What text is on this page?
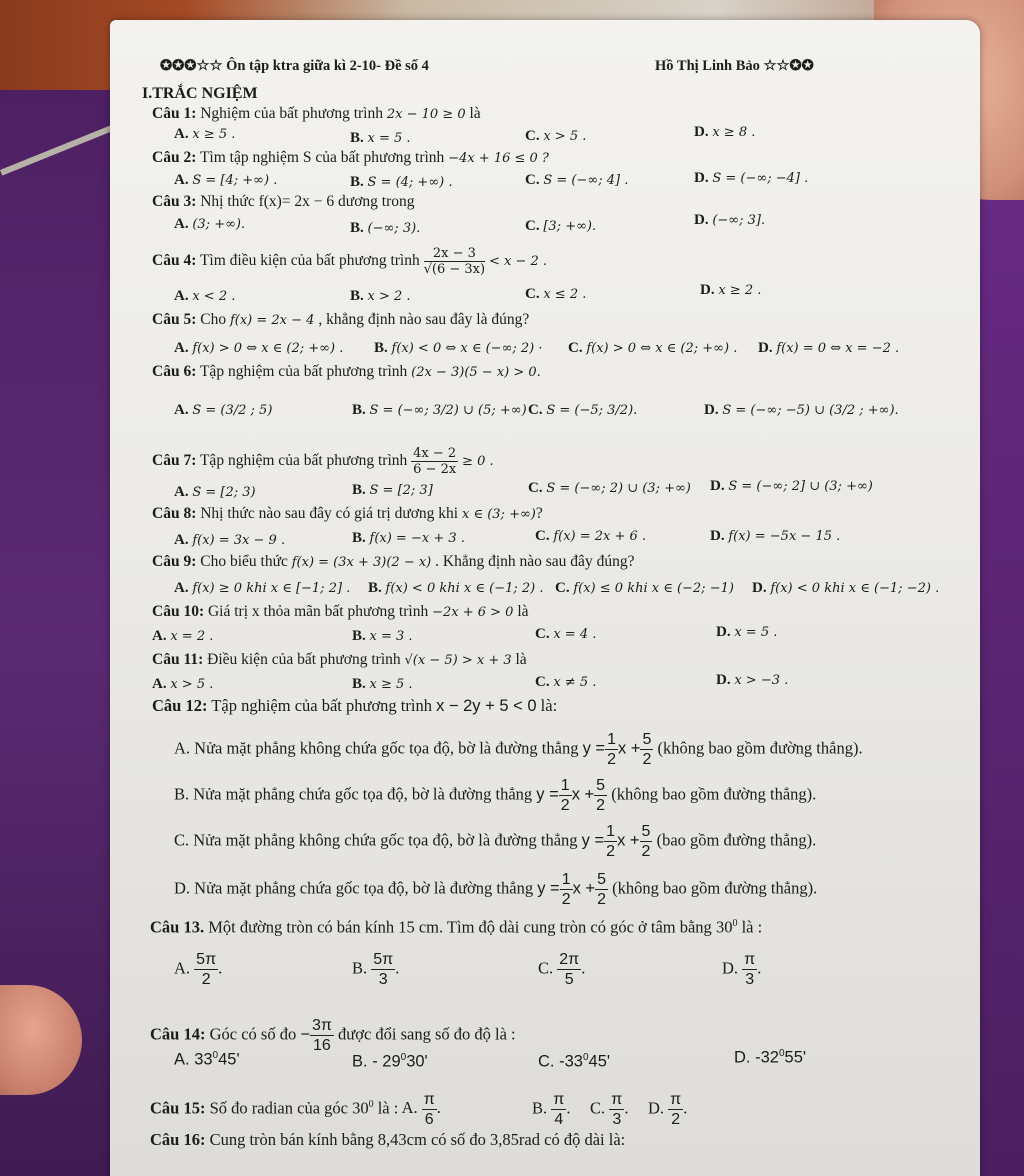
✪✪✪☆☆ Ôn tập ktra giữa kì 2-10- Đề số 4	Hồ Thị Linh Bảo ☆☆✪✪
I.TRẮC NGIỆM
Câu 1: Nghiệm của bất phương trình 2x − 10 ≥ 0 là
A. x ≥ 5 .	B. x = 5 .	C. x > 5 .	D. x ≥ 8 .
Câu 2: Tìm tập nghiệm S của bất phương trình −4x + 16 ≤ 0 ?
A. S = [4; +∞) .	B. S = (4; +∞) .	C. S = (−∞; 4] .	D. S = (−∞; −4] .
Câu 3: Nhị thức f(x)= 2x − 6 dương trong
A. (3; +∞).	B. (−∞; 3).	C. [3; +∞).	D. (−∞; 3].
Câu 4: Tìm điều kiện của bất phương trình $\frac{2x - 3}{√(6 - 3x)} < x - 2$ .
A. x < 2 .	B. x > 2 .	C. x ≤ 2 .	D. x ≥ 2 .
Câu 5: Cho f(x) = 2x − 4 , khẳng định nào sau đây là đúng?
A. f(x) > 0 ⇔ x ∈ (2; +∞) . B. f(x) < 0 ⇔ x ∈ (−∞; 2) · C. f(x) > 0 ⇔ x ∈ (2; +∞) . D. f(x) = 0 ⇔ x = −2 .
Câu 6: Tập nghiệm của bất phương trình (2x − 3)(5 − x) > 0.
A. S = (3/2 ; 5)	B. S = (−∞; 3/2) ∪ (5; +∞) C. S = (−5; 3/2).	D. S = (−∞; −5) ∪ (3/2 ; +∞).
Câu 7: Tập nghiệm của bất phương trình $\frac{4x - 2}{6 - 2x} \ge 0$ .
A. S = [2; 3)	B. S = [2; 3]	C. S = (−∞; 2) ∪ (3; +∞) D. S = (−∞; 2] ∪ (3; +∞)
Câu 8: Nhị thức nào sau đây có giá trị dương khi x ∈ (3; +∞)?
A. f(x) = 3x − 9 .	B. f(x) = −x + 3 .	C. f(x) = 2x + 6 .	D. f(x) = −5x − 15 .
Câu 9: Cho biểu thức f(x) = (3x + 3)(2 − x) . Khẳng định nào sau đây đúng?
A. f(x) ≥ 0 khi x ∈ [−1; 2] . B. f(x) < 0 khi x ∈ (−1; 2) . C. f(x) ≤ 0 khi x ∈ (−2; −1) D. f(x) < 0 khi x ∈ (−1; −2) .
Câu 10: Giá trị x thỏa mãn bất phương trình −2x + 6 > 0 là
A. x = 2 .	B. x = 3 .	C. x = 4 .	D. x = 5 .
Câu 11: Điều kiện của bất phương trình √(x − 5) > x + 3 là
A. x > 5 .	B. x ≥ 5 .	C. x ≠ 5 .	D. x > −3 .
Câu 12: Tập nghiệm của bất phương trình x − 2y + 5 < 0 là:
A. Nửa mặt phẳng không chứa gốc tọa độ, bờ là đường thẳng $y = \frac{1}{2}$ $x + \frac{5}{2}$ (không bao gồm đường thẳng).
B. Nửa mặt phẳng chứa gốc tọa độ, bờ là đường thẳng $y = \frac{1}{2}$ $x + \frac{5}{2}$ (không bao gồm đường thẳng).
C. Nửa mặt phẳng không chứa gốc tọa độ, bờ là đường thẳng $y = \frac{1}{2}$ $x + \frac{5}{2} (bao$ gồm đường thẳng).
D. Nửa mặt phẳng chứa gốc tọa độ, bờ là đường thẳng $y = \frac{1}{2}$ $x + \frac{5}{2}$ (không bao gồm đường thẳng).
Câu 13. Một đường tròn có bán kính 15 cm. Tìm độ dài cung tròn có góc ở tâm bằng $30^0$ là :
A. $\frac{5\pi}{2}$ .	B. $\frac{5\pi}{3}$ .	C. $\frac{2\pi}{5}$ .	D. $\frac{\pi}{3}$ .
Câu 14: Góc có số đo − $\frac{3\pi}{16}$ được đổi sang số đo độ là :
A. $33^045'$	B. - $29^030'$	C. $-33^045'$	D. $-32^055'$
Câu 15: Số đo radian của góc $30^0$ là : A. $\frac{\pi}{6}$ .	B. $\frac{\pi}{4}$ . C. $\frac{\pi}{3}$ . D. $\frac{\pi}{2}$ .
Câu 16: Cung tròn bán kính bằng 8,43cm có số đo 3,85rad có độ dài là:
